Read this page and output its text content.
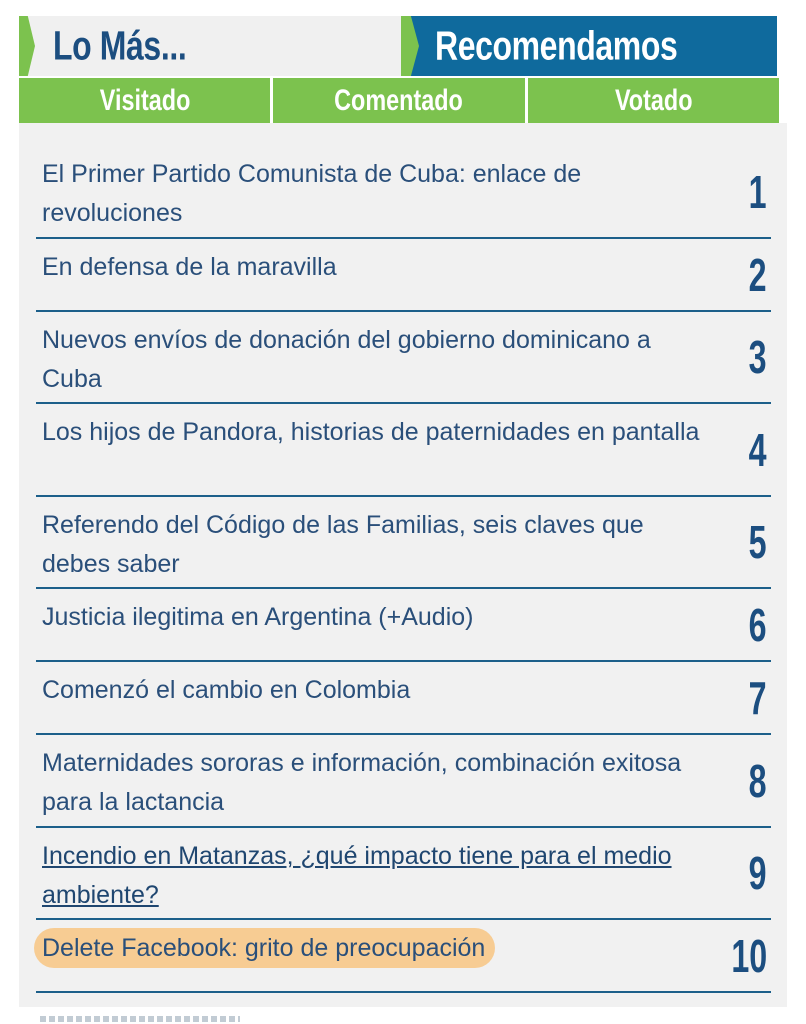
Lo Más...	Recomendamos
Visitado	Comentado	Votado
El Primer Partido Comunista de Cuba: enlace de revoluciones	1
En defensa de la maravilla	2
Nuevos envíos de donación del gobierno dominicano a Cuba	3
Los hijos de Pandora, historias de paternidades en pantalla 4
Referendo del Código de las Familias, seis claves que debes saber	5
Justicia ilegitima en Argentina (+Audio)	6
Comenzó el cambio en Colombia	7
Maternidades sororas e información, combinación exitosa para la lactancia	8
Incendio en Matanzas, ¿qué impacto tiene para el medio ambiente?	9
Delete Facebook: grito de preocupación	10
